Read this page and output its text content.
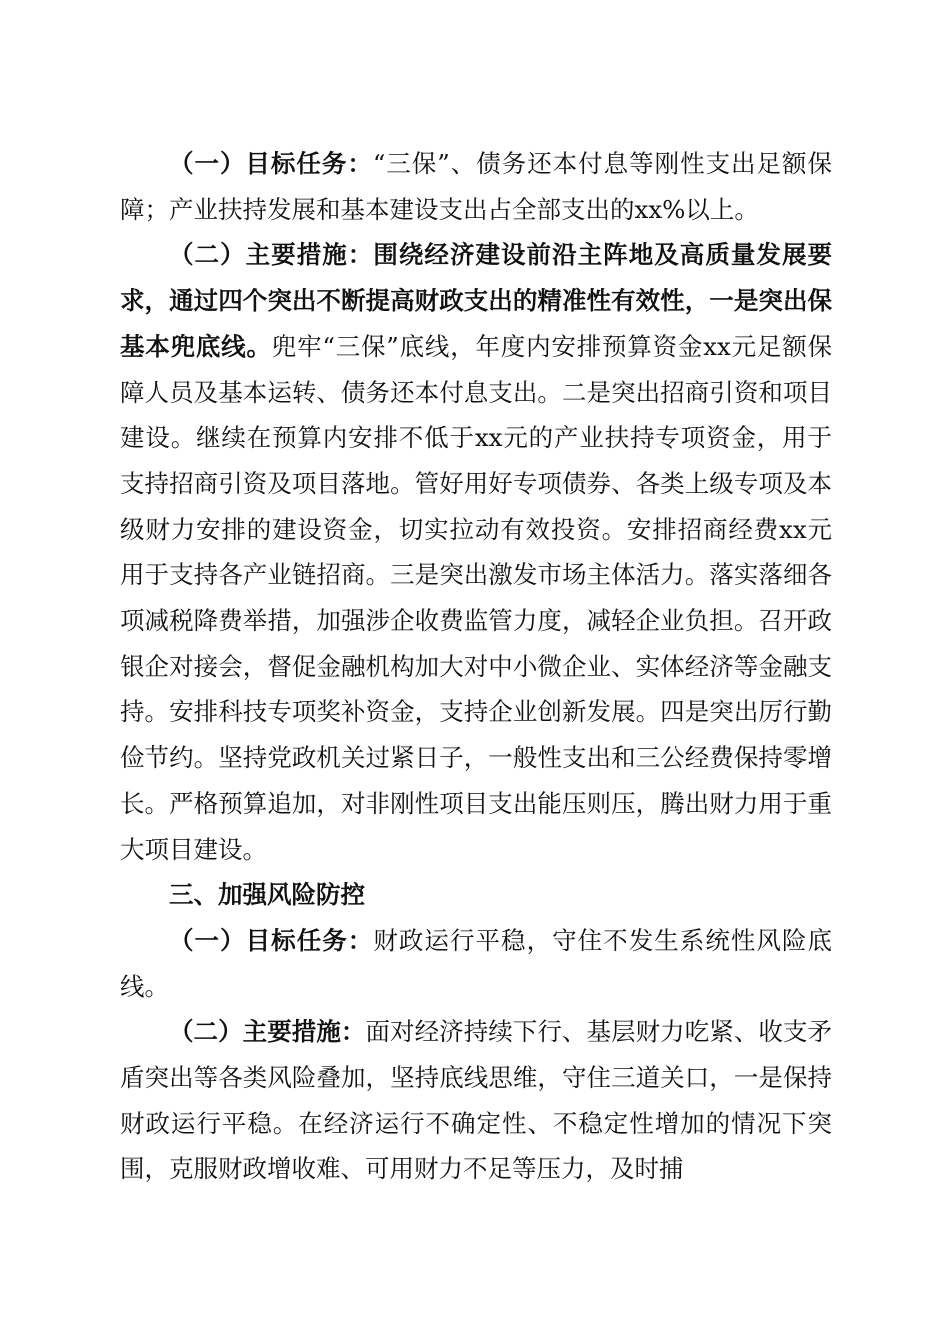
（一）目标任务：“三保”、债务还本付息等刚性支出足额保障；产业扶持发展和基本建设支出占全部支出的xx%以上。

（二）主要措施：围绕经济建设前沿主阵地及高质量发展要求，通过四个突出不断提高财政支出的精准性有效性，一是突出保基本兜底线。兜牢“三保”底线，年度内安排预算资金xx元足额保障人员及基本运转、债务还本付息支出。二是突出招商引资和项目建设。继续在预算内安排不低于xx元的产业扶持专项资金，用于支持招商引资及项目落地。管好用好专项债券、各类上级专项及本级财力安排的建设资金，切实拉动有效投资。安排招商经费xx元用于支持各产业链招商。三是突出激发市场主体活力。落实落细各项减税降费举措，加强涉企收费监管力度，减轻企业负担。召开政银企对接会，督促金融机构加大对中小微企业、实体经济等金融支持。安排科技专项奖补资金，支持企业创新发展。四是突出厉行勤俭节约。坚持党政机关过紧日子，一般性支出和三公经费保持零增长。严格预算追加，对非刚性项目支出能压则压，腾出财力用于重大项目建设。

三、加强风险防控

（一）目标任务：财政运行平稳，守住不发生系统性风险底线。

（二）主要措施：面对经济持续下行、基层财力吃紧、收支矛盾突出等各类风险叠加，坚持底线思维，守住三道关口，一是保持财政运行平稳。在经济运行不确定性、不稳定性增加的情况下突围，克服财政增收难、可用财力不足等压力，及时捕
